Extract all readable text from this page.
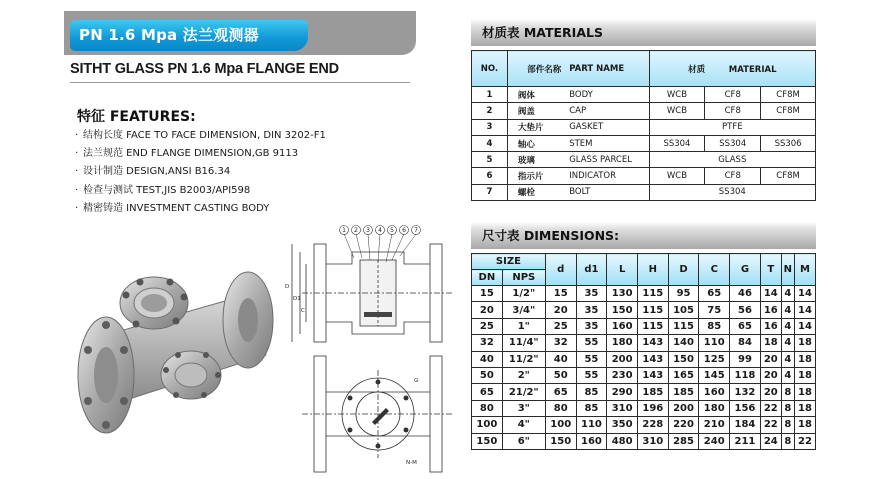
PN 1.6 Mpa 法兰观测器
SITHT GLASS PN 1.6 Mpa FLANGE END
特征 FEATURES:
· 结构长度 FACE TO FACE DIMENSION, DIN 3202-F1
· 法兰规范 END FLANGE DIMENSION,GB 9113
· 设计制造 DESIGN,ANSI B16.34
· 检查与测试 TEST,JIS B2003/API598
· 精密铸造 INVESTMENT CASTING BODY
1 2 3 4 5 6 7
D
D1
C
G
N-M
材质表 MATERIALS
NO.	部件名称	PART NAME	材质 MATERIAL		
1	阀体	BODY	WCB	CF8	CF8M
2	阀盖	CAP	WCB	CF8	CF8M
3	大垫片	GASKET	PTFE		
4	轴心	STEM	SS304	SS304	SS306
5	玻璃	GLASS PARCEL	GLASS		
6	指示片	INDICATOR	WCB	CF8	CF8M
7	螺栓	BOLT	SS304		
尺寸表 DIMENSIONS:
SIZE		d	d1	L	H	D	C	G	T	N	M
DN	NPS										
15	1/2"	15	35	130	115	95	65	46	14	4	14
20	3/4"	20	35	150	115	105	75	56	16	4	14
25	1"	25	35	160	115	115	85	65	16	4	14
32	11/4"	32	55	180	143	140	110	84	18	4	18
40	11/2"	40	55	200	143	150	125	99	20	4	18
50	2"	50	55	230	143	165	145	118	20	4	18
65	21/2"	65	85	290	185	185	160	132	20	8	18
80	3"	80	85	310	196	200	180	156	22	8	18
100	4"	100	110	350	228	220	210	184	22	8	18
150	6"	150	160	480	310	285	240	211	24	8	22
